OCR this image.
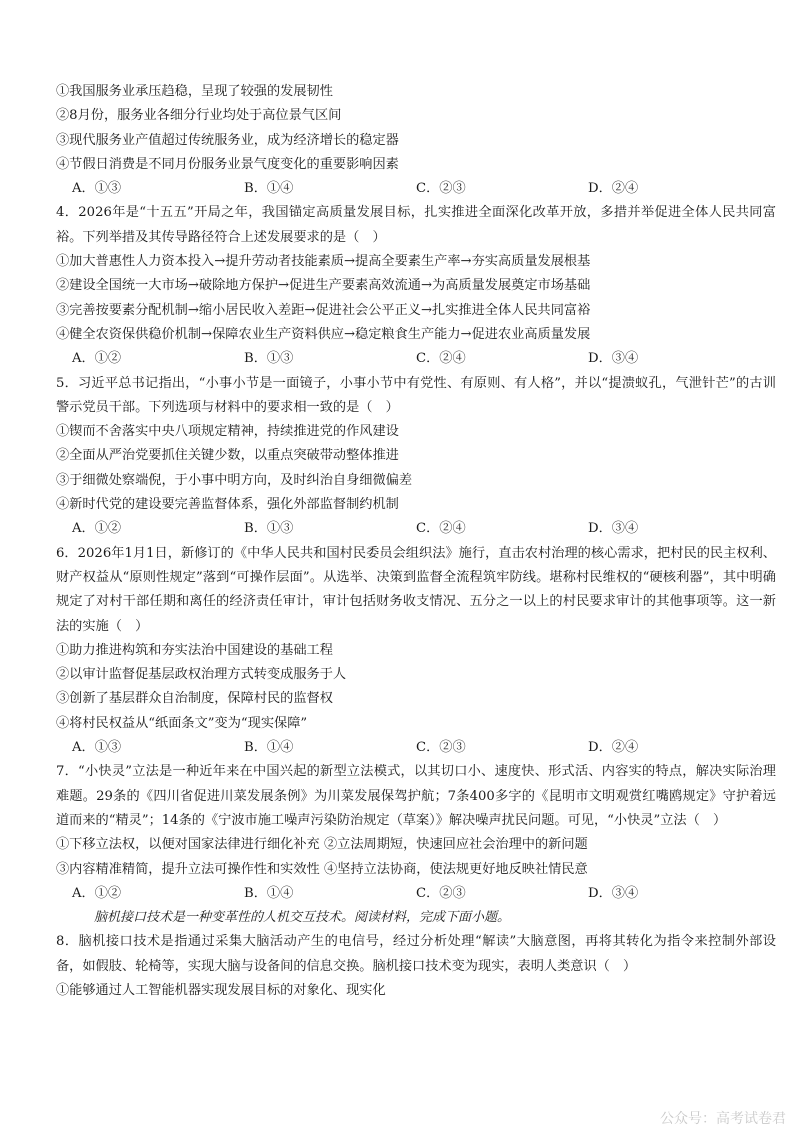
①我国服务业承压趋稳，呈现了较强的发展韧性
②8月份，服务业各细分行业均处于高位景气区间
③现代服务业产值超过传统服务业，成为经济增长的稳定器
④节假日消费是不同月份服务业景气度变化的重要影响因素
A．①③	B．①④	C．②③	D．②④
4．2026年是“十五五”开局之年，我国锚定高质量发展目标，扎实推进全面深化改革开放，多措并举促进全体人民共同富裕。下列举措及其传导路径符合上述发展要求的是（　）
①加大普惠性人力资本投入→提升劳动者技能素质→提高全要素生产率→夯实高质量发展根基
②建设全国统一大市场→破除地方保护→促进生产要素高效流通→为高质量发展奠定市场基础
③完善按要素分配机制→缩小居民收入差距→促进社会公平正义→扎实推进全体人民共同富裕
④健全农资保供稳价机制→保障农业生产资料供应→稳定粮食生产能力→促进农业高质量发展
A．①②	B．①③	C．②④	D．③④
5．习近平总书记指出，“小事小节是一面镜子，小事小节中有党性、有原则、有人格”，并以“提溃蚁孔，气泄针芒”的古训警示党员干部。下列选项与材料中的要求相一致的是（　）
①锲而不舍落实中央八项规定精神，持续推进党的作风建设
②全面从严治党要抓住关键少数，以重点突破带动整体推进
③于细微处察端倪，于小事中明方向，及时纠治自身细微偏差
④新时代党的建设要完善监督体系，强化外部监督制约机制
A．①②	B．①③	C．②④	D．③④
6．2026年1月1日，新修订的《中华人民共和国村民委员会组织法》施行，直击农村治理的核心需求，把村民的民主权利、财产权益从“原则性规定”落到“可操作层面”。从选举、决策到监督全流程筑牢防线。堪称村民维权的“硬核利器”，其中明确规定了对村干部任期和离任的经济责任审计，审计包括财务收支情况、五分之一以上的村民要求审计的其他事项等。这一新法的实施（　）
①助力推进构筑和夯实法治中国建设的基础工程
②以审计监督促基层政权治理方式转变成服务于人
③创新了基层群众自治制度，保障村民的监督权
④将村民权益从“纸面条文”变为“现实保障”
A．①③	B．①④	C．②③	D．②④
7．“小快灵”立法是一种近年来在中国兴起的新型立法模式，以其切口小、速度快、形式活、内容实的特点，解决实际治理难题。29条的《四川省促进川菜发展条例》为川菜发展保驾护航；7条400多字的《昆明市文明观赏红嘴鸥规定》守护着远道而来的“精灵”；14条的《宁波市施工噪声污染防治规定（草案）》解决噪声扰民问题。可见，“小快灵”立法（　）
①下移立法权，以便对国家法律进行细化补充 ②立法周期短，快速回应社会治理中的新问题
③内容精准精简，提升立法可操作性和实效性 ④坚持立法协商，使法规更好地反映社情民意
A．①②	B．①④	C．②③	D．③④
脑机接口技术是一种变革性的人机交互技术。阅读材料，完成下面小题。
8．脑机接口技术是指通过采集大脑活动产生的电信号，经过分析处理“解读”大脑意图，再将其转化为指令来控制外部设备，如假肢、轮椅等，实现大脑与设备间的信息交换。脑机接口技术变为现实，表明人类意识（　）
①能够通过人工智能机器实现发展目标的对象化、现实化
公众号：高考试卷君
